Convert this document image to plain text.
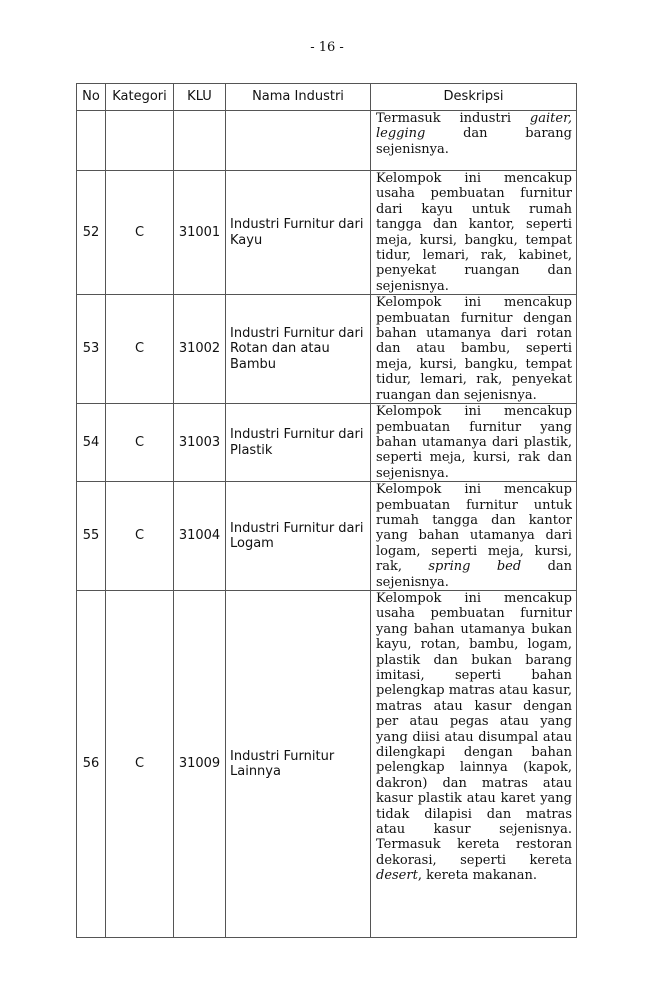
- 16 -
No	Kategori	KLU	Nama Industri	Deskripsi
				Termasuk industri gaiter, legging dan barang sejenisnya.
52	C	31001	Industri Furnitur dari Kayu	Kelompok ini mencakup usaha pembuatan furnitur dari kayu untuk rumah tangga dan kantor, seperti meja, kursi, bangku, tempat tidur, lemari, rak, kabinet, penyekat ruangan dan sejenisnya.
53	C	31002	Industri Furnitur dari Rotan dan atau Bambu	Kelompok ini mencakup pembuatan furnitur dengan bahan utamanya dari rotan dan atau bambu, seperti meja, kursi, bangku, tempat tidur, lemari, rak, penyekat ruangan dan sejenisnya.
54	C	31003	Industri Furnitur dari Plastik	Kelompok ini mencakup pembuatan furnitur yang bahan utamanya dari plastik, seperti meja, kursi, rak dan sejenisnya.
55	C	31004	Industri Furnitur dari Logam	Kelompok ini mencakup pembuatan furnitur untuk rumah tangga dan kantor yang bahan utamanya dari logam, seperti meja, kursi, rak, spring bed dan sejenisnya.
56	C	31009	Industri Furnitur Lainnya	Kelompok ini mencakup usaha pembuatan furnitur yang bahan utamanya bukan kayu, rotan, bambu, logam, plastik dan bukan barang imitasi, seperti bahan pelengkap matras atau kasur, matras atau kasur dengan per atau pegas atau yang yang diisi atau disumpal atau dilengkapi dengan bahan pelengkap lainnya (kapok, dakron) dan matras atau kasur plastik atau karet yang tidak dilapisi dan matras atau kasur sejenisnya. Termasuk kereta restoran dekorasi, seperti kereta desert, kereta makanan.
